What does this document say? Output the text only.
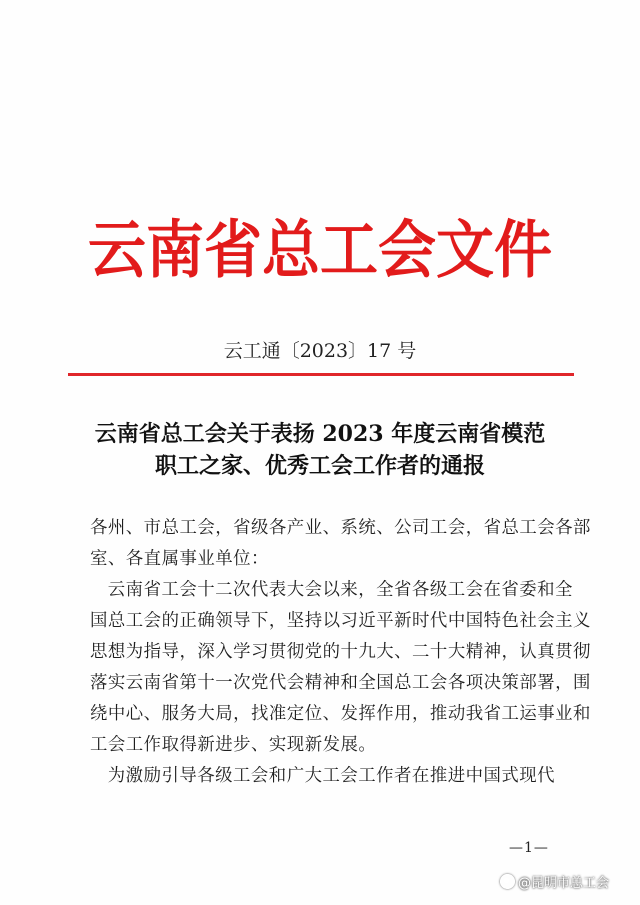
云南省总工会文件
云工通〔2023〕17 号
云南省总工会关于表扬 2023 年度云南省模范
职工之家、优秀工会工作者的通报
各州、市总工会，省级各产业、系统、公司工会，省总工会各部
室、各直属事业单位：
　　云南省工会十二次代表大会以来，全省各级工会在省委和全
国总工会的正确领导下，坚持以习近平新时代中国特色社会主义
思想为指导，深入学习贯彻党的十九大、二十大精神，认真贯彻
落实云南省第十一次党代会精神和全国总工会各项决策部署，围
绕中心、服务大局，找准定位、发挥作用，推动我省工运事业和
工会工作取得新进步、实现新发展。
　　为激励引导各级工会和广大工会工作者在推进中国式现代
—1—
@昆明市总工会
